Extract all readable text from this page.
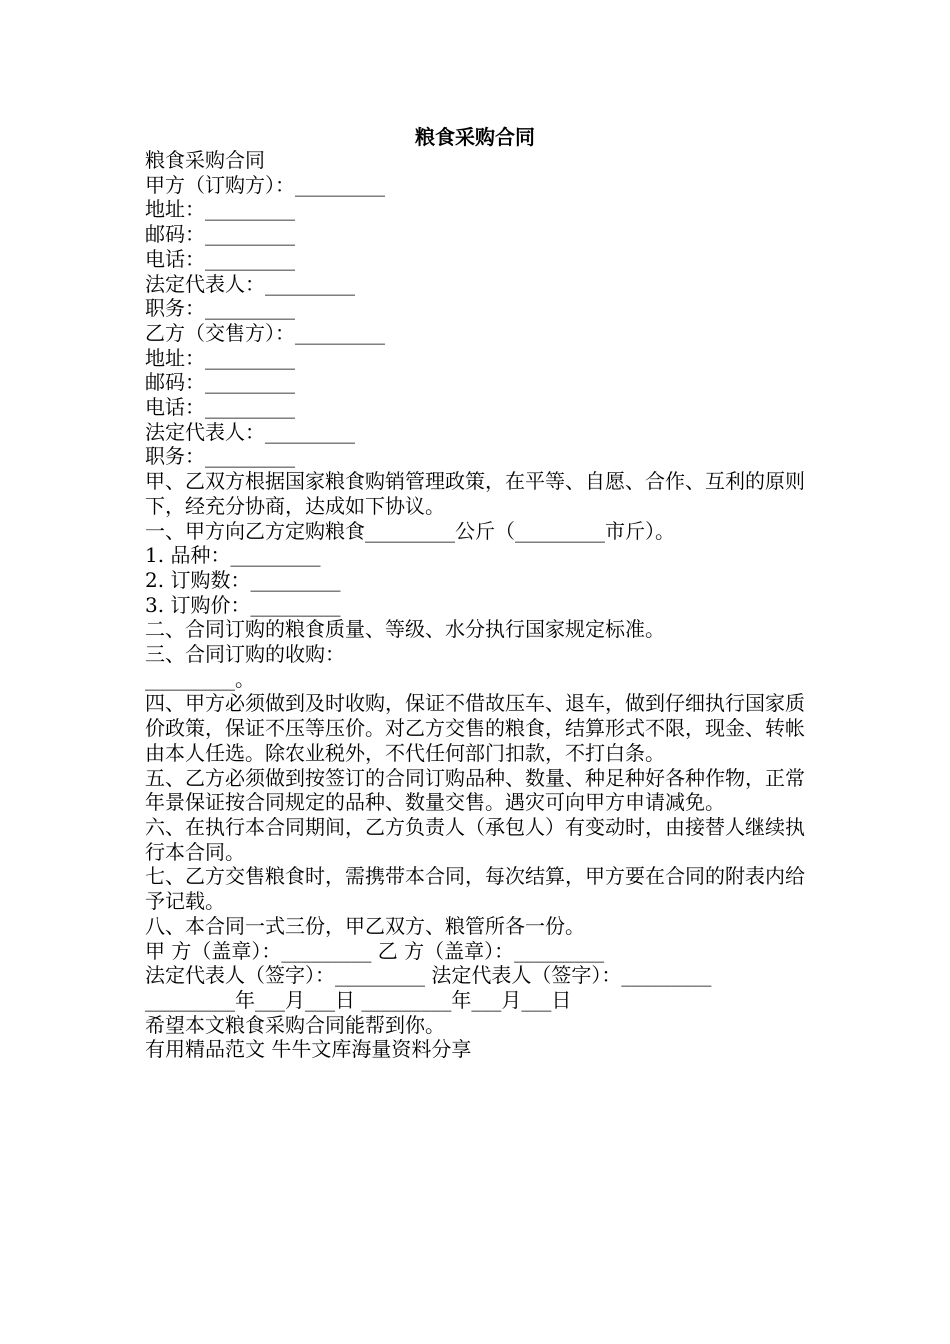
粮食采购合同
粮食采购合同
甲方（订购方）：_________
地址：_________
邮码：_________
电话：_________
法定代表人：_________
职务：_________
乙方（交售方）：_________
地址：_________
邮码：_________
电话：_________
法定代表人：_________
职务：_________
甲、乙双方根据国家粮食购销管理政策，在平等、自愿、合作、互利的原则下，经充分协商，达成如下协议。
一、甲方向乙方定购粮食_________公斤（_________市斤）。
1. 品种：_________
2. 订购数：_________
3. 订购价：_________
二、合同订购的粮食质量、等级、水分执行国家规定标准。
三、合同订购的收购：
_________。
四、甲方必须做到及时收购，保证不借故压车、退车，做到仔细执行国家质价政策，保证不压等压价。对乙方交售的粮食，结算形式不限，现金、转帐由本人任选。除农业税外，不代任何部门扣款，不打白条。
五、乙方必须做到按签订的合同订购品种、数量、种足种好各种作物，正常年景保证按合同规定的品种、数量交售。遇灾可向甲方申请减免。
六、在执行本合同期间，乙方负责人（承包人）有变动时，由接替人继续执行本合同。
七、乙方交售粮食时，需携带本合同，每次结算，甲方要在合同的附表内给予记载。
八、本合同一式三份，甲乙双方、粮管所各一份。
甲 方（盖章）：_________ 乙 方（盖章）：_________
法定代表人（签字）：_________ 法定代表人（签字）：_________
_________年___月___日 _________年___月___日
希望本文粮食采购合同能帮到你。
有用精品范文 牛牛文库海量资料分享
